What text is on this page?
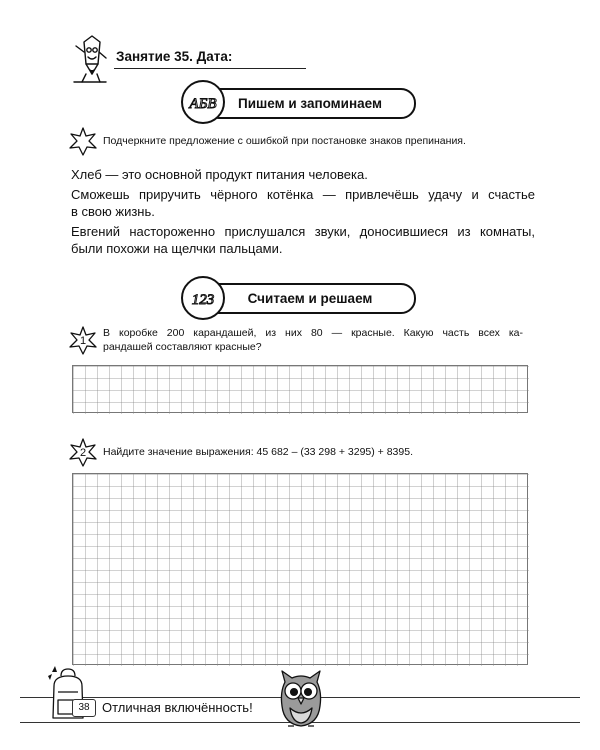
Занятие 35. Дата:
Пишем и запоминаем
АБВ
Подчеркните предложение с ошибкой при постановке знаков препинания.
Хлеб — это основной продукт питания человека.
Сможешь приручить чёрного котёнка — привлечёшь удачу и счастье
в свою жизнь.
Евгений настороженно прислушался звуки, доносившиеся из комнаты,
были похожи на щелчки пальцами.
Считаем и решаем
123
1
В коробке 200 карандашей, из них 80 — красные. Какую часть всех ка-
рандашей составляют красные?
2 Найдите значение выражения: 45 682 – (33 298 + 3295) + 8395.
38 Отличная включённость!
